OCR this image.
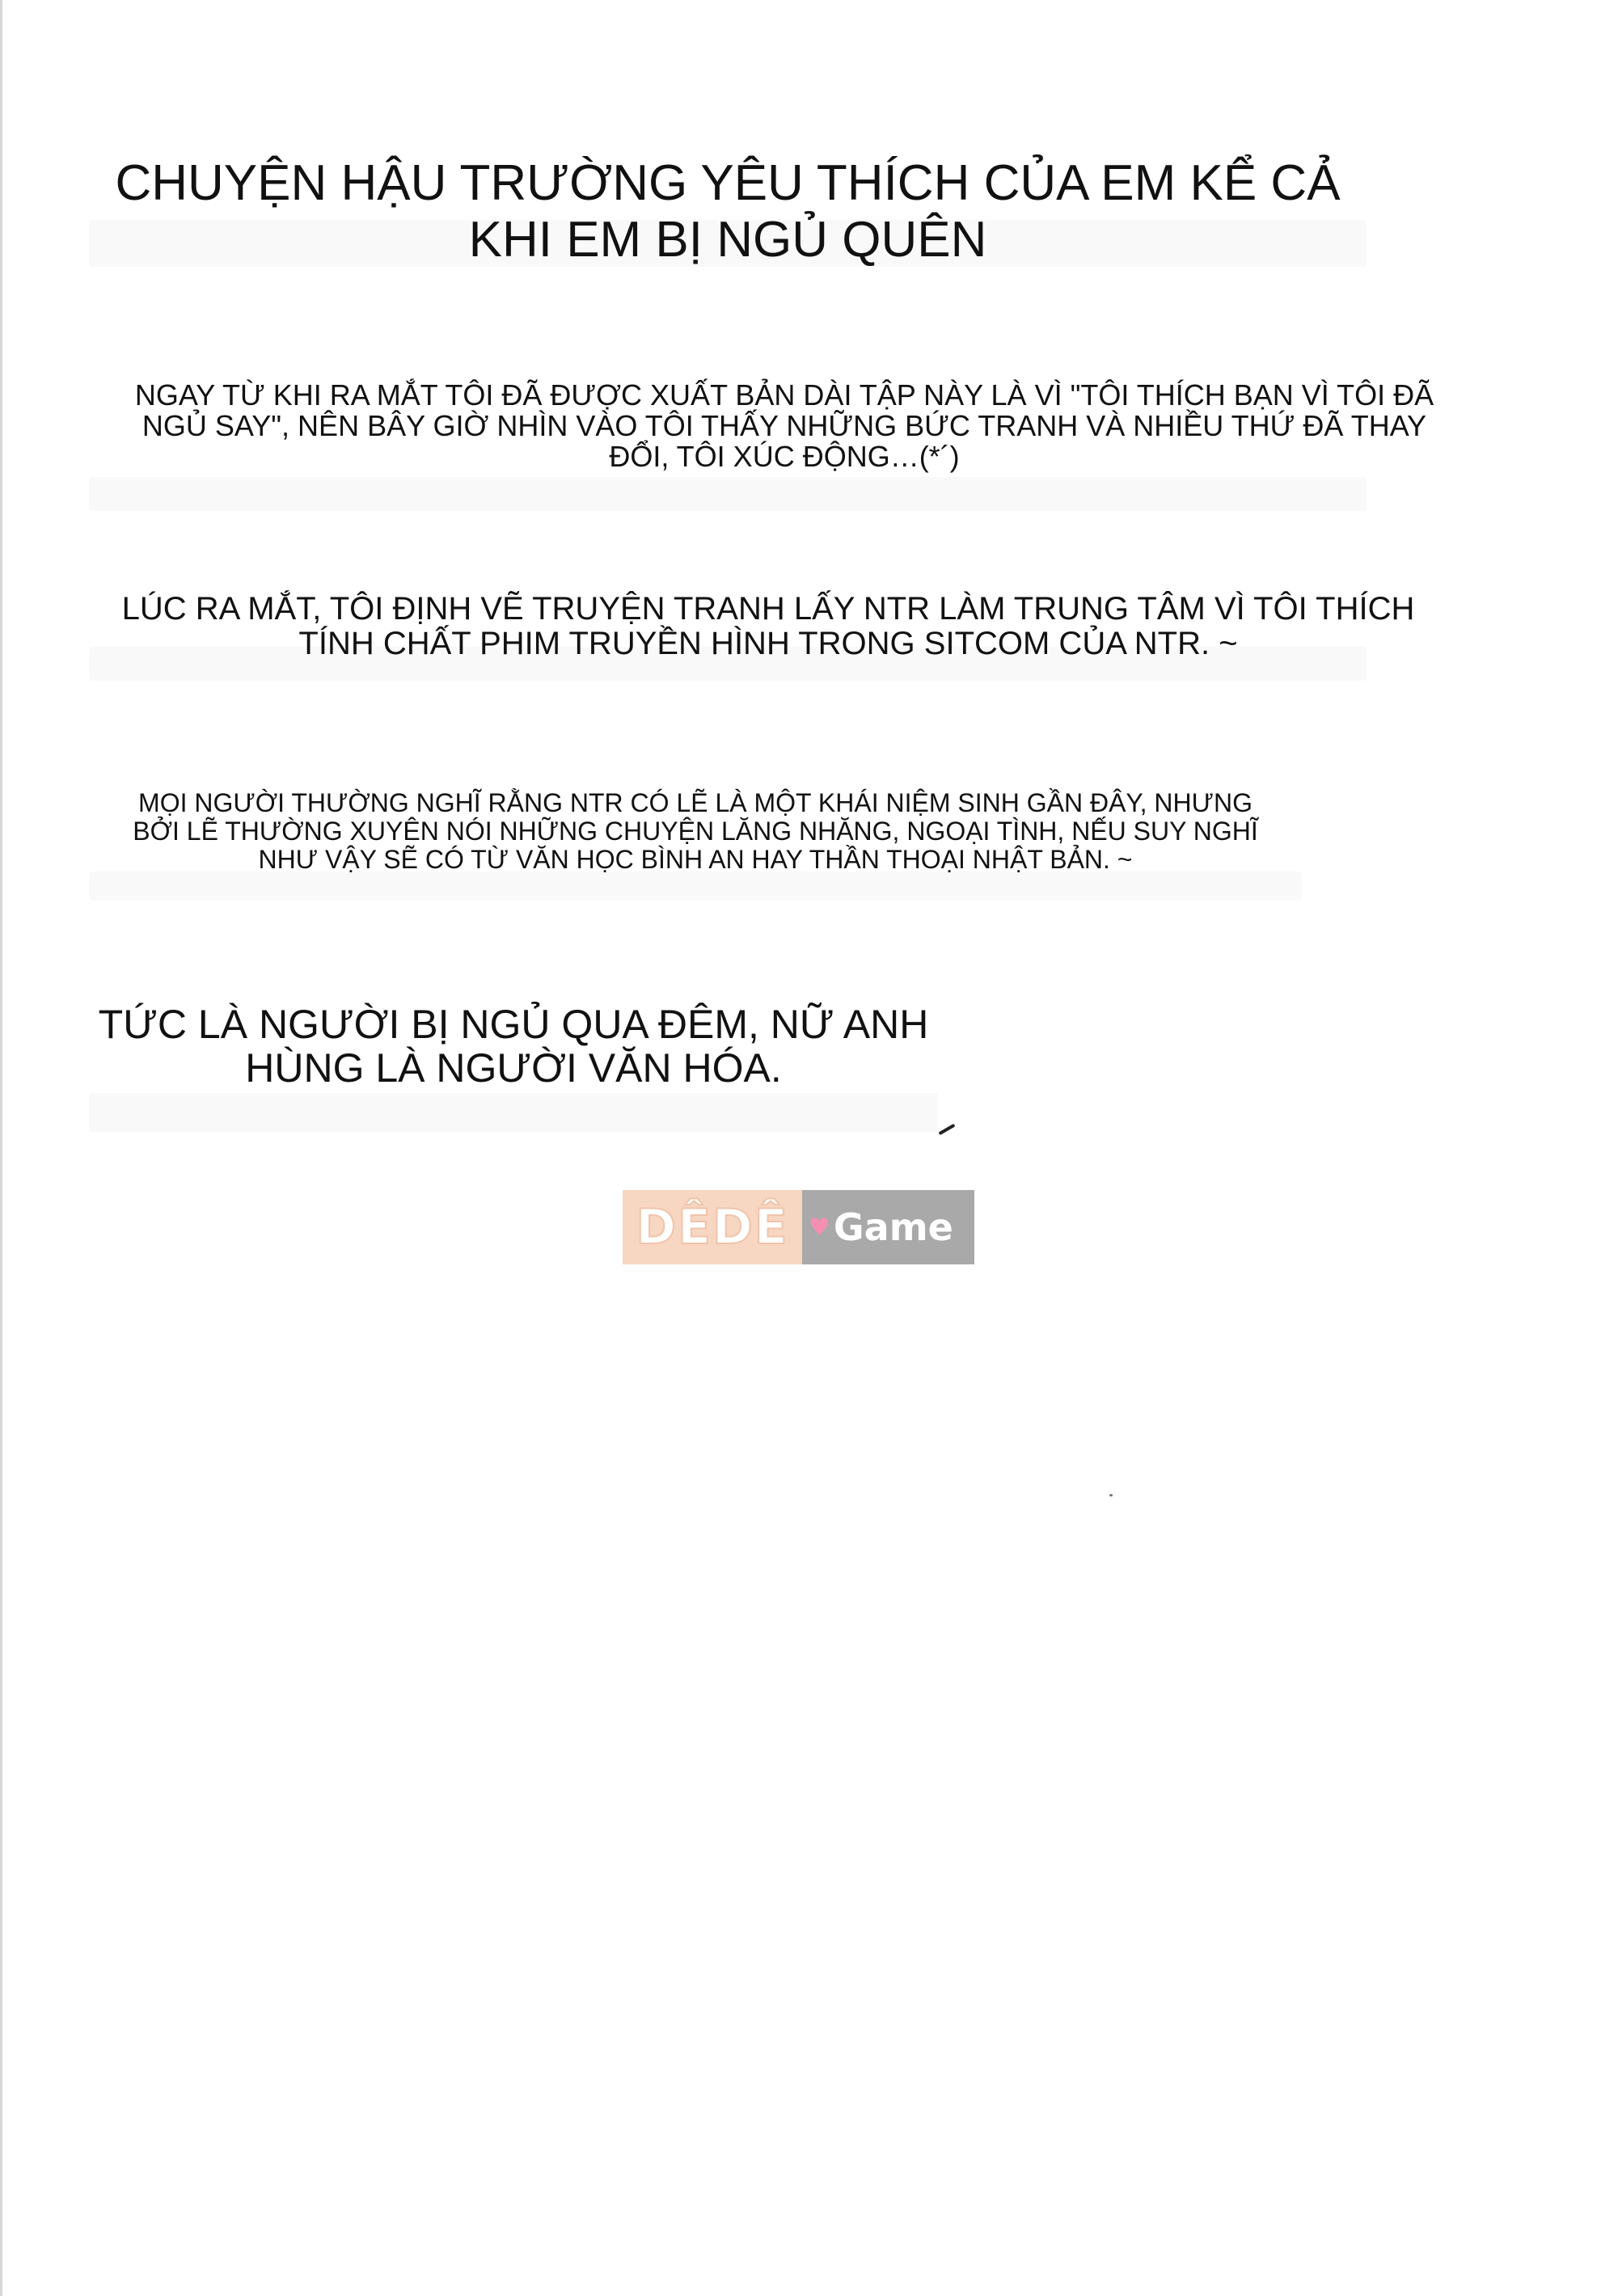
CHUYỆN HẬU TRƯỜNG YÊU THÍCH CỦA EM KỂ CẢ
KHI EM BỊ NGỦ QUÊN
NGAY TỪ KHI RA MẮT TÔI ĐÃ ĐƯỢC XUẤT BẢN DÀI TẬP NÀY LÀ VÌ "TÔI THÍCH BẠN VÌ TÔI ĐÃ
NGỦ SAY", NÊN BÂY GIỜ NHÌN VÀO TÔI THẤY NHỮNG BỨC TRANH VÀ NHIỀU THỨ ĐÃ THAY
ĐỔI, TÔI XÚC ĐỘNG…(*´)
LÚC RA MẮT, TÔI ĐỊNH VẼ TRUYỆN TRANH LẤY NTR LÀM TRUNG TÂM VÌ TÔI THÍCH
TÍNH CHẤT PHIM TRUYỀN HÌNH TRONG SITCOM CỦA NTR. ~
MỌI NGƯỜI THƯỜNG NGHĨ RẰNG NTR CÓ LẼ LÀ MỘT KHÁI NIỆM SINH GẦN ĐÂY, NHƯNG
BỞI LẼ THƯỜNG XUYÊN NÓI NHỮNG CHUYỆN LĂNG NHĂNG, NGOẠI TÌNH, NẾU SUY NGHĨ
NHƯ VẬY SẼ CÓ TỪ VĂN HỌC BÌNH AN HAY THẦN THOẠI NHẬT BẢN. ~
TỨC LÀ NGƯỜI BỊ NGỦ QUA ĐÊM, NỮ ANH
HÙNG LÀ NGƯỜI VĂN HÓA.
DÊDÊ ♥ Game
